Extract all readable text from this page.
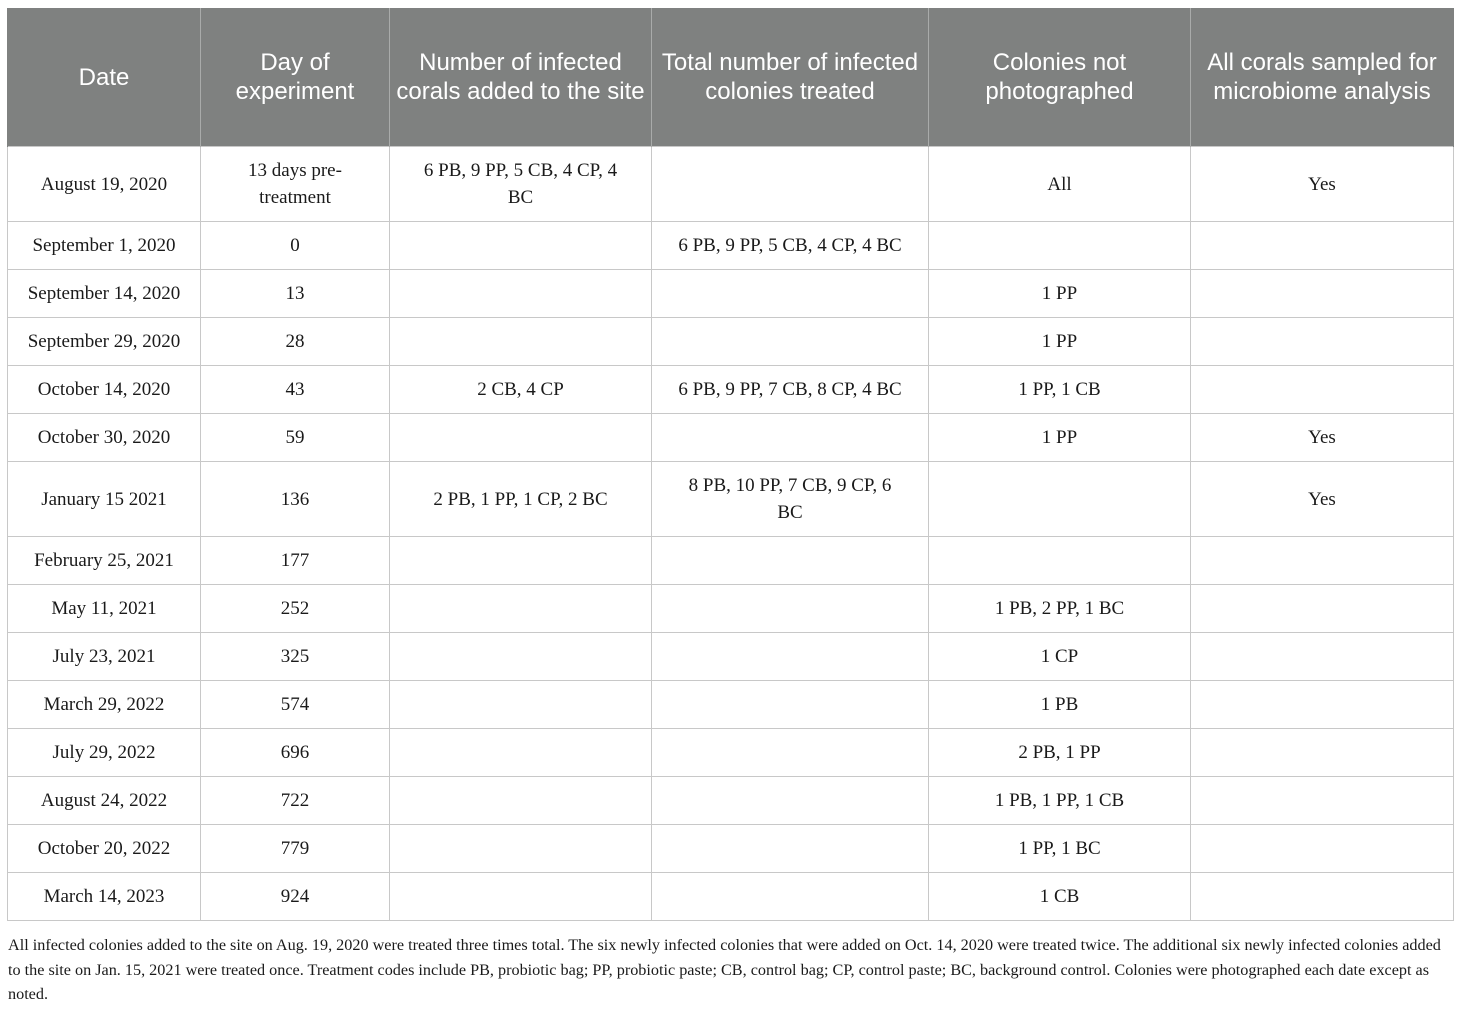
Date	Day of experiment	Number of infected corals added to the site	Total number of infected colonies treated	Colonies not photographed	All corals sampled for microbiome analysis
August 19, 2020	13 days pre-treatment	6 PB, 9 PP, 5 CB, 4 CP, 4 BC		All	Yes
September 1, 2020	0		6 PB, 9 PP, 5 CB, 4 CP, 4 BC		
September 14, 2020	13			1 PP	
September 29, 2020	28			1 PP	
October 14, 2020	43	2 CB, 4 CP	6 PB, 9 PP, 7 CB, 8 CP, 4 BC	1 PP, 1 CB	
October 30, 2020	59			1 PP	Yes
January 15 2021	136	2 PB, 1 PP, 1 CP, 2 BC	8 PB, 10 PP, 7 CB, 9 CP, 6 BC		Yes
February 25, 2021	177				
May 11, 2021	252			1 PB, 2 PP, 1 BC	
July 23, 2021	325			1 CP	
March 29, 2022	574			1 PB	
July 29, 2022	696			2 PB, 1 PP	
August 24, 2022	722			1 PB, 1 PP, 1 CB	
October 20, 2022	779			1 PP, 1 BC	
March 14, 2023	924			1 CB	

All infected colonies added to the site on Aug. 19, 2020 were treated three times total. The six newly infected colonies that were added on Oct. 14, 2020 were treated twice. The additional six newly infected colonies added to the site on Jan. 15, 2021 were treated once. Treatment codes include PB, probiotic bag; PP, probiotic paste; CB, control bag; CP, control paste; BC, background control. Colonies were photographed each date except as noted.
